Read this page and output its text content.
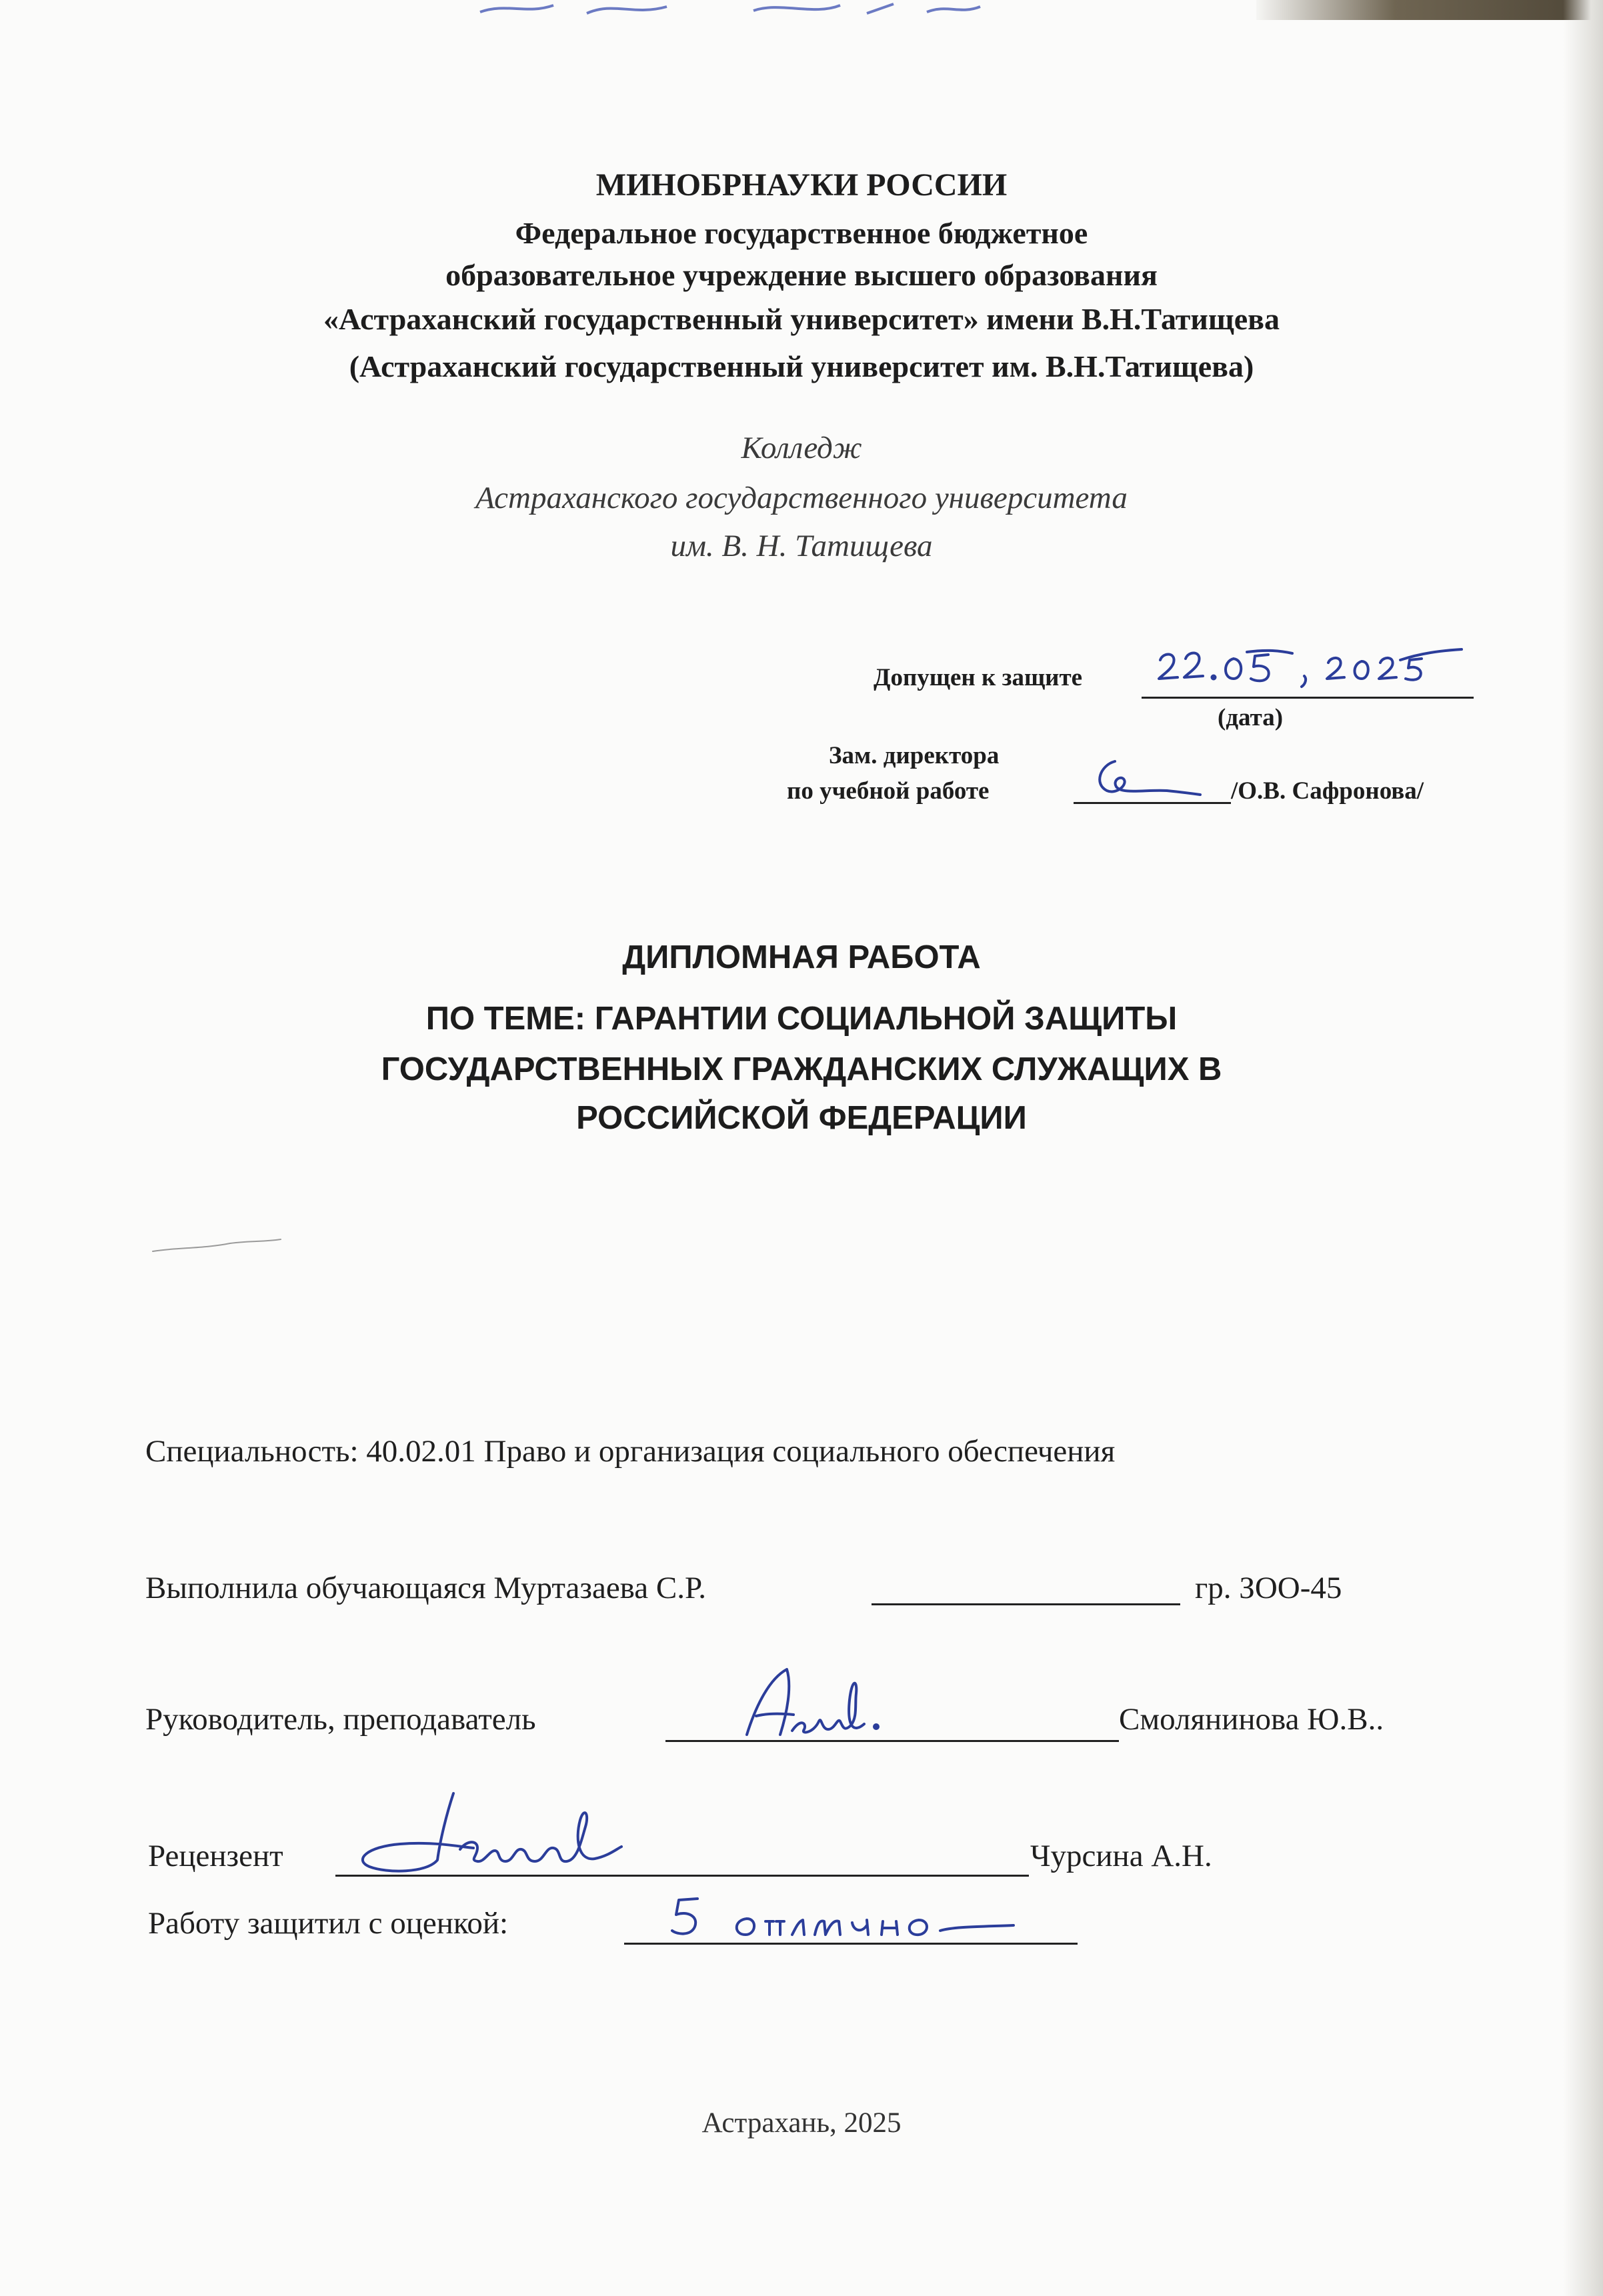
МИНОБРНАУКИ РОССИИ
Федеральное государственное бюджетное
образовательное учреждение высшего образования
«Астраханский государственный университет» имени В.Н.Татищева
(Астраханский государственный университет им. В.Н.Татищева)
Колледж
Астраханского государственного университета
им. В. Н. Татищева
Допущен к защите
(дата)
Зам. директора
по учебной работе	/О.В. Сафронова/
ДИПЛОМНАЯ РАБОТА
ПО ТЕМЕ: ГАРАНТИИ СОЦИАЛЬНОЙ ЗАЩИТЫ
ГОСУДАРСТВЕННЫХ ГРАЖДАНСКИХ СЛУЖАЩИХ В
РОССИЙСКОЙ ФЕДЕРАЦИИ
Специальность: 40.02.01 Право и организация социального обеспечения
Выполнила обучающаяся Муртазаева С.Р.	гр. ЗОО-45
Руководитель, преподаватель	Смолянинова Ю.В..
Рецензент	Чурсина А.Н.
Работу защитил с оценкой:
Астрахань, 2025
